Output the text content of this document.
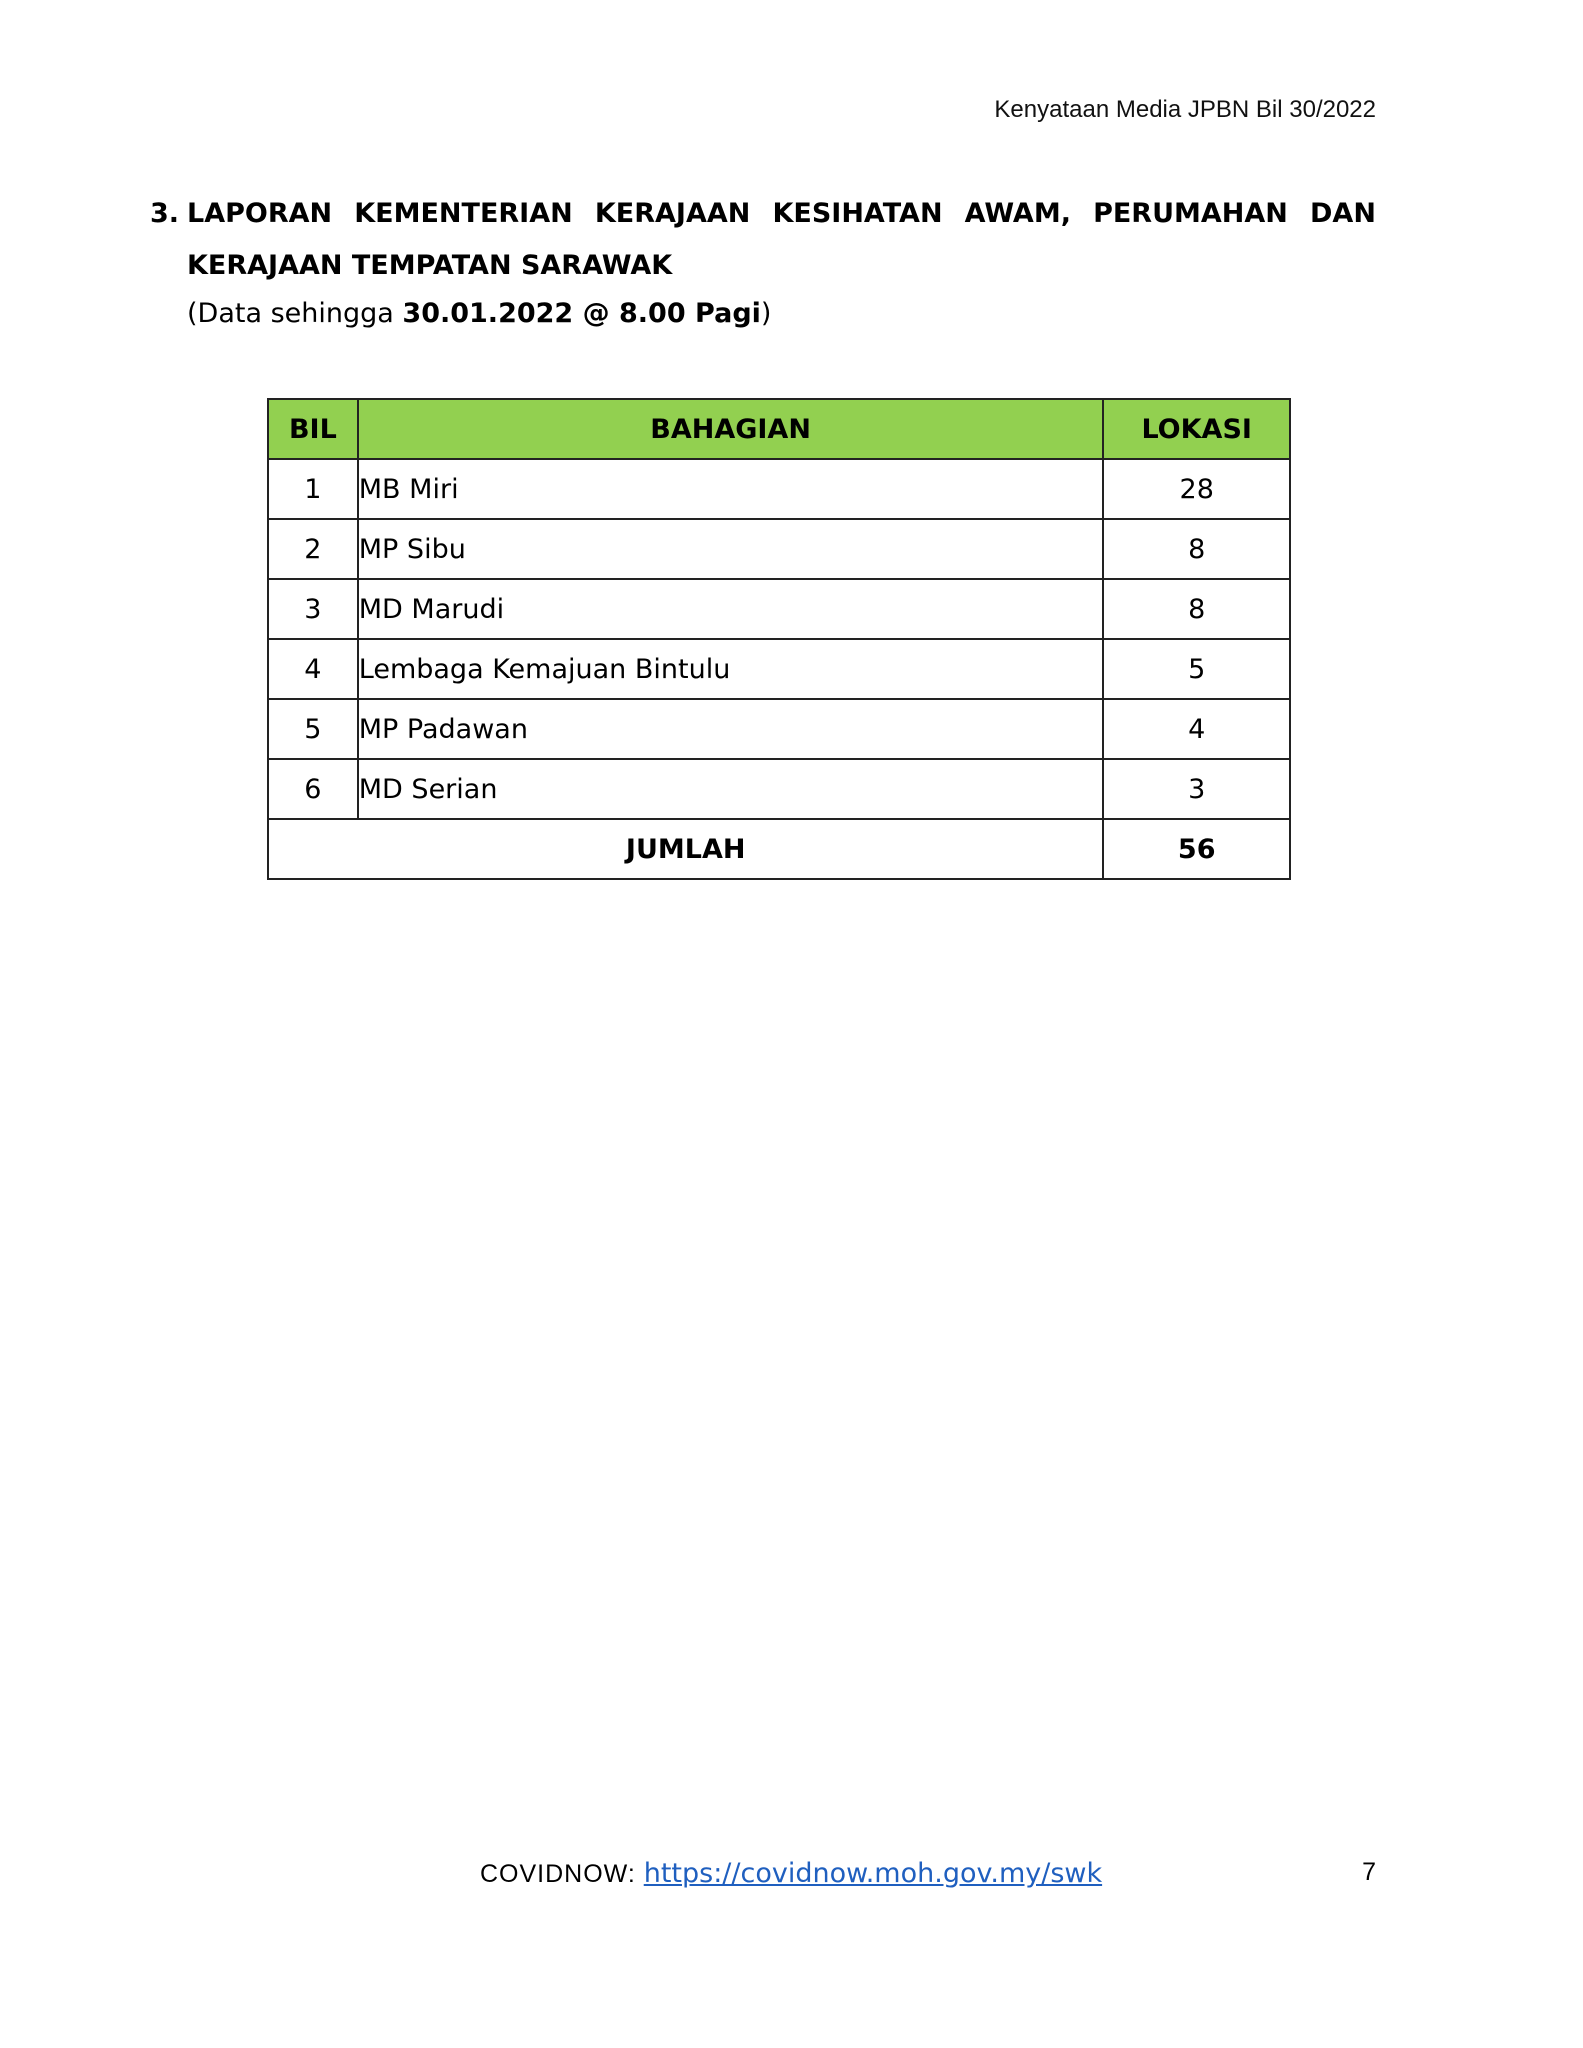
Kenyataan Media JPBN Bil 30/2022
3. LAPORAN KEMENTERIAN KERAJAAN KESIHATAN AWAM, PERUMAHAN DAN
KERAJAAN TEMPATAN SARAWAK
(Data sehingga 30.01.2022 @ 8.00 Pagi)
BIL	BAHAGIAN	LOKASI
1	MB Miri	28
2	MP Sibu	8
3	MD Marudi	8
4	Lembaga Kemajuan Bintulu	5
5	MP Padawan	4
6	MD Serian	3
JUMLAH		56
COVIDNOW: https://covidnow.moh.gov.my/swk	7
